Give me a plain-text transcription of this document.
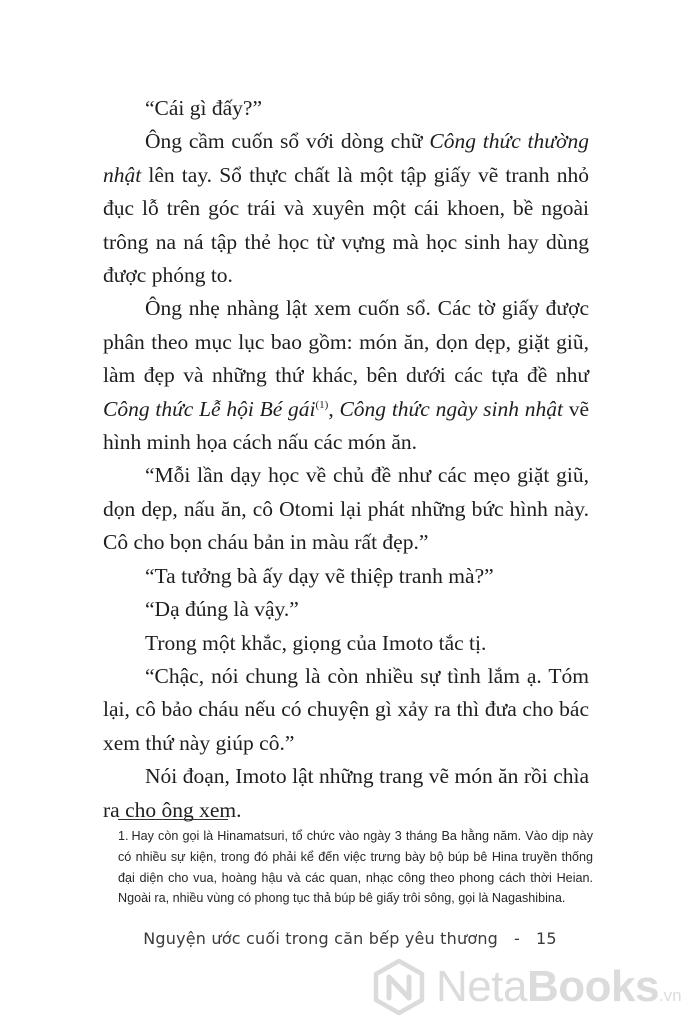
“Cái gì đấy?”

Ông cầm cuốn sổ với dòng chữ Công thức thường nhật lên tay. Sổ thực chất là một tập giấy vẽ tranh nhỏ đục lỗ trên góc trái và xuyên một cái khoen, bề ngoài trông na ná tập thẻ học từ vựng mà học sinh hay dùng được phóng to.

Ông nhẹ nhàng lật xem cuốn sổ. Các tờ giấy được phân theo mục lục bao gồm: món ăn, dọn dẹp, giặt giũ, làm đẹp và những thứ khác, bên dưới các tựa đề như Công thức Lễ hội Bé gái$^{(1)}$, Công thức ngày sinh nhật vẽ hình minh họa cách nấu các món ăn.

“Mỗi lần dạy học về chủ đề như các mẹo giặt giũ, dọn dẹp, nấu ăn, cô Otomi lại phát những bức hình này. Cô cho bọn cháu bản in màu rất đẹp.”

“Ta tưởng bà ấy dạy vẽ thiệp tranh mà?”

“Dạ đúng là vậy.”

Trong một khắc, giọng của Imoto tắc tị.

“Chậc, nói chung là còn nhiều sự tình lắm ạ. Tóm lại, cô bảo cháu nếu có chuyện gì xảy ra thì đưa cho bác xem thứ này giúp cô.”

Nói đoạn, Imoto lật những trang vẽ món ăn rồi chìa ra cho ông xem.

1. Hay còn gọi là Hinamatsuri, tổ chức vào ngày 3 tháng Ba hằng năm. Vào dịp này có nhiều sự kiện, trong đó phải kể đến việc trưng bày bộ búp bê Hina truyền thống đại diện cho vua, hoàng hậu và các quan, nhạc công theo phong cách thời Heian. Ngoài ra, nhiều vùng có phong tục thả búp bê giấy trôi sông, gọi là Nagashibina.
Nguyện ước cuối trong căn bếp yêu thương - 15
NetaBooks.vn
